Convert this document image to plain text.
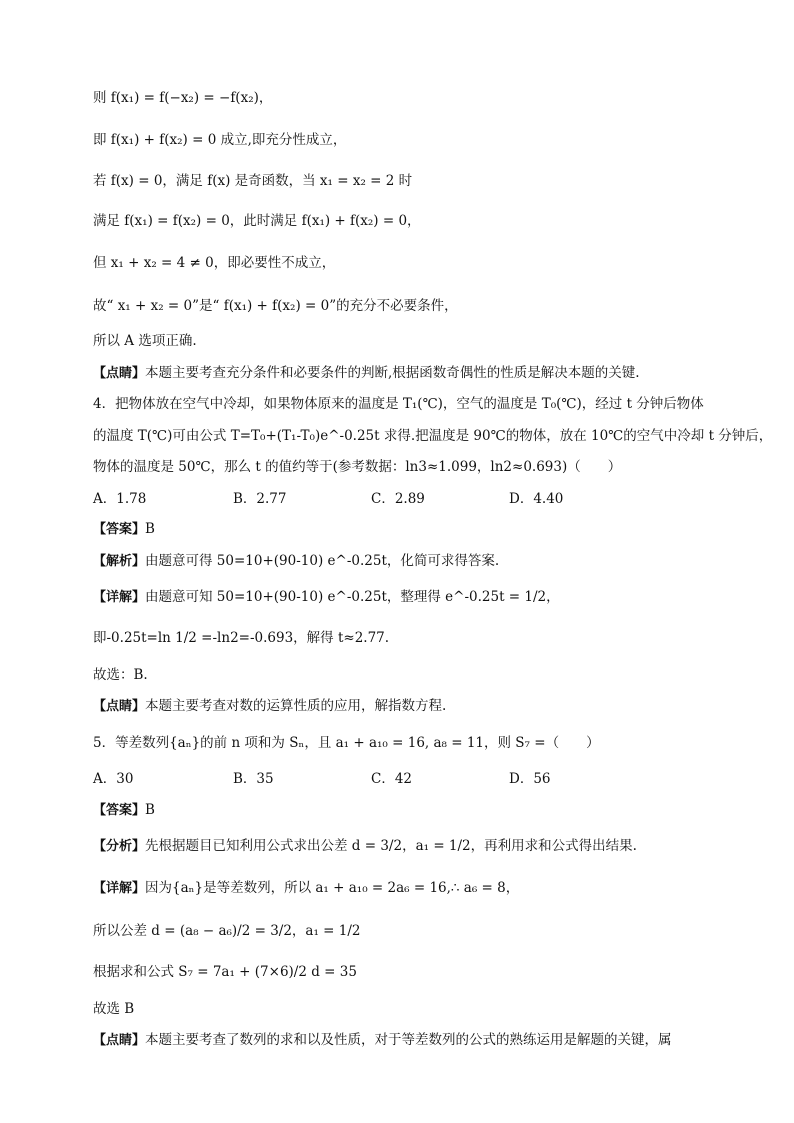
则 f(x₁) = f(−x₂) = −f(x₂)，
即 f(x₁) + f(x₂) = 0 成立,即充分性成立，
若 f(x) = 0，满足 f(x) 是奇函数，当 x₁ = x₂ = 2 时
满足 f(x₁) = f(x₂) = 0，此时满足 f(x₁) + f(x₂) = 0，
但 x₁ + x₂ = 4 ≠ 0，即必要性不成立，
故“ x₁ + x₂ = 0”是“ f(x₁) + f(x₂) = 0”的充分不必要条件，
所以 A 选项正确.
【点睛】本题主要考查充分条件和必要条件的判断,根据函数奇偶性的性质是解决本题的关键.
4．把物体放在空气中冷却，如果物体原来的温度是 T₁(℃)，空气的温度是 T₀(℃)，经过 t 分钟后物体
的温度 T(℃)可由公式 T=T₀+(T₁-T₀)e^-0.25t 求得.把温度是 90℃的物体，放在 10℃的空气中冷却 t 分钟后，
物体的温度是 50℃，那么 t 的值约等于(参考数据：ln3≈1.099，ln2≈0.693)（　　）
A．1.78	B．2.77	C．2.89	D．4.40
【答案】B
【解析】由题意可得 50=10+(90-10) e^-0.25t，化简可求得答案.
【详解】由题意可知 50=10+(90-10) e^-0.25t，整理得 e^-0.25t = 1/2，
即-0.25t=ln 1/2 =-ln2=-0.693，解得 t≈2.77.
故选：B.
【点睛】本题主要考查对数的运算性质的应用，解指数方程.
5．等差数列{aₙ}的前 n 项和为 Sₙ，且 a₁ + a₁₀ = 16, a₈ = 11，则 S₇ =（　　）
A．30	B．35	C．42	D．56
【答案】B
【分析】先根据题目已知利用公式求出公差 d = 3/2，a₁ = 1/2，再利用求和公式得出结果.
【详解】因为{aₙ}是等差数列，所以 a₁ + a₁₀ = 2a₆ = 16,∴ a₆ = 8，
所以公差 d = (a₈ − a₆)/2 = 3/2，a₁ = 1/2
根据求和公式 S₇ = 7a₁ + (7×6)/2 d = 35
故选 B
【点睛】本题主要考查了数列的求和以及性质，对于等差数列的公式的熟练运用是解题的关键，属
